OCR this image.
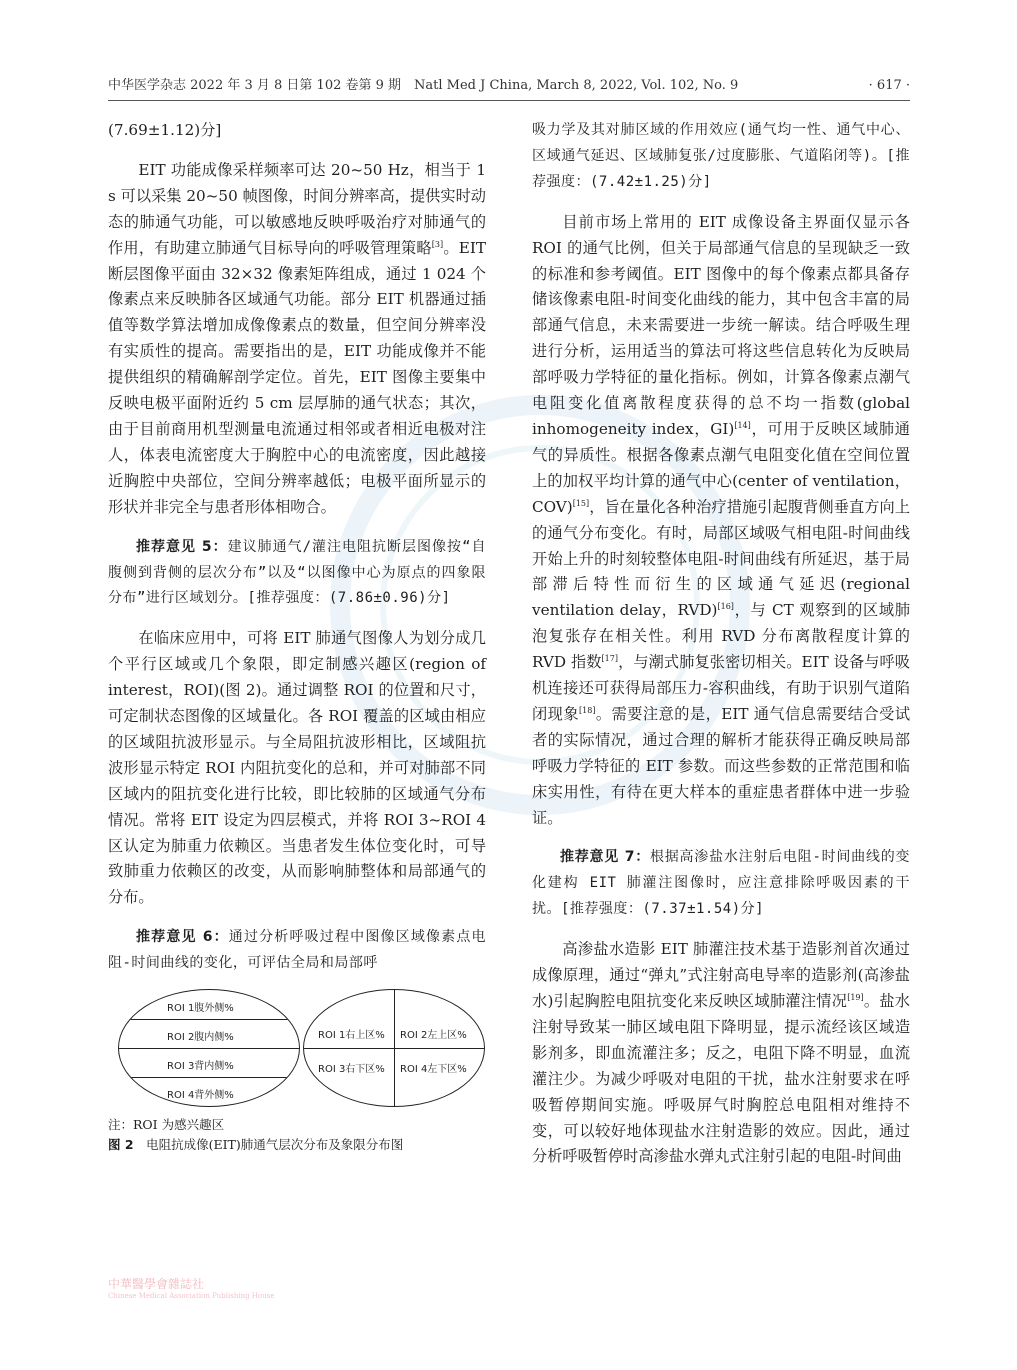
中华医学杂志 2022 年 3 月 8 日第 102 卷第 9 期　Natl Med J China, March 8, 2022, Vol. 102, No. 9	· 617 ·

(7.69±1.12)分]

EIT 功能成像采样频率可达 20~50 Hz，相当于 1 s 可以采集 20~50 帧图像，时间分辨率高，提供实时动态的肺通气功能，可以敏感地反映呼吸治疗对肺通气的作用，有助建立肺通气目标导向的呼吸管理策略[3]。EIT 断层图像平面由 32×32 像素矩阵组成，通过 1 024 个像素点来反映肺各区域通气功能。部分 EIT 机器通过插值等数学算法增加成像像素点的数量，但空间分辨率没有实质性的提高。需要指出的是，EIT 功能成像并不能提供组织的精确解剖学定位。首先，EIT 图像主要集中反映电极平面附近约 5 cm 层厚肺的通气状态；其次，由于目前商用机型测量电流通过相邻或者相近电极对注人，体表电流密度大于胸腔中心的电流密度，因此越接近胸腔中央部位，空间分辨率越低；电极平面所显示的形状并非完全与患者形体相吻合。

推荐意见 5：建议肺通气/灌注电阻抗断层图像按“自腹侧到背侧的层次分布”以及“以图像中心为原点的四象限分布”进行区域划分。[推荐强度：(7.86±0.96)分]

在临床应用中，可将 EIT 肺通气图像人为划分成几个平行区域或几个象限，即定制感兴趣区(region of interest，ROI)(图 2)。通过调整 ROI 的位置和尺寸，可定制状态图像的区域量化。各 ROI 覆盖的区域由相应的区域阻抗波形显示。与全局阻抗波形相比，区域阻抗波形显示特定 ROI 内阻抗变化的总和，并可对肺部不同区域内的阻抗变化进行比较，即比较肺的区域通气分布情况。常将 EIT 设定为四层模式，并将 ROI 3~ROI 4 区认定为肺重力依赖区。当患者发生体位变化时，可导致肺重力依赖区的改变，从而影响肺整体和局部通气的分布。

推荐意见 6：通过分析呼吸过程中图像区域像素点电阻-时间曲线的变化，可评估全局和局部呼

ROI 1腹外侧%
ROI 2腹内侧%
ROI 3背内侧%
ROI 4背外侧%
ROI 1右上区% ROI 2左上区%
ROI 3右下区% ROI 4左下区%
注：ROI 为感兴趣区
图 2　 电阻抗成像(EIT)肺通气层次分布及象限分布图

吸力学及其对肺区域的作用效应(通气均一性、通气中心、区域通气延迟、区域肺复张/过度膨胀、气道陷闭等)。[推荐强度：(7.42±1.25)分]

目前市场上常用的 EIT 成像设备主界面仅显示各 ROI 的通气比例，但关于局部通气信息的呈现缺乏一致的标准和参考阈值。EIT 图像中的每个像素点都具备存储该像素电阻-时间变化曲线的能力，其中包含丰富的局部通气信息，未来需要进一步统一解读。结合呼吸生理进行分析，运用适当的算法可将这些信息转化为反映局部呼吸力学特征的量化指标。例如，计算各像素点潮气电阻变化值离散程度获得的总不均一指数(global inhomogeneity index，GI)[14]，可用于反映区域肺通气的异质性。根据各像素点潮气电阻变化值在空间位置上的加权平均计算的通气中心(center of ventilation，COV)[15]，旨在量化各种治疗措施引起腹背侧垂直方向上的通气分布变化。有时，局部区域吸气相电阻-时间曲线开始上升的时刻较整体电阻-时间曲线有所延迟，基于局部滞后特性而衍生的区域通气延迟(regional ventilation delay，RVD)[16]，与 CT 观察到的区域肺泡复张存在相关性。利用 RVD 分布离散程度计算的 RVD 指数[17]，与潮式肺复张密切相关。EIT 设备与呼吸机连接还可获得局部压力-容积曲线，有助于识别气道陷闭现象[18]。需要注意的是，EIT 通气信息需要结合受试者的实际情况，通过合理的解析才能获得正确反映局部呼吸力学特征的 EIT 参数。而这些参数的正常范围和临床实用性，有待在更大样本的重症患者群体中进一步验证。

推荐意见 7：根据高渗盐水注射后电阻-时间曲线的变化建构 EIT 肺灌注图像时，应注意排除呼吸因素的干扰。[推荐强度：(7.37±1.54)分]

高渗盐水造影 EIT 肺灌注技术基于造影剂首次通过成像原理，通过“弹丸”式注射高电导率的造影剂(高渗盐水)引起胸腔电阻抗变化来反映区域肺灌注情况[19]。盐水注射导致某一肺区域电阻下降明显，提示流经该区域造影剂多，即血流灌注多；反之，电阻下降不明显，血流灌注少。为减少呼吸对电阻的干扰，盐水注射要求在呼吸暂停期间实施。呼吸屏气时胸腔总电阻相对维持不变，可以较好地体现盐水注射造影的效应。因此，通过分析呼吸暂停时高渗盐水弹丸式注射引起的电阻-时间曲

中華醫學會雜誌社
Chinese Medical Association Publishing House
